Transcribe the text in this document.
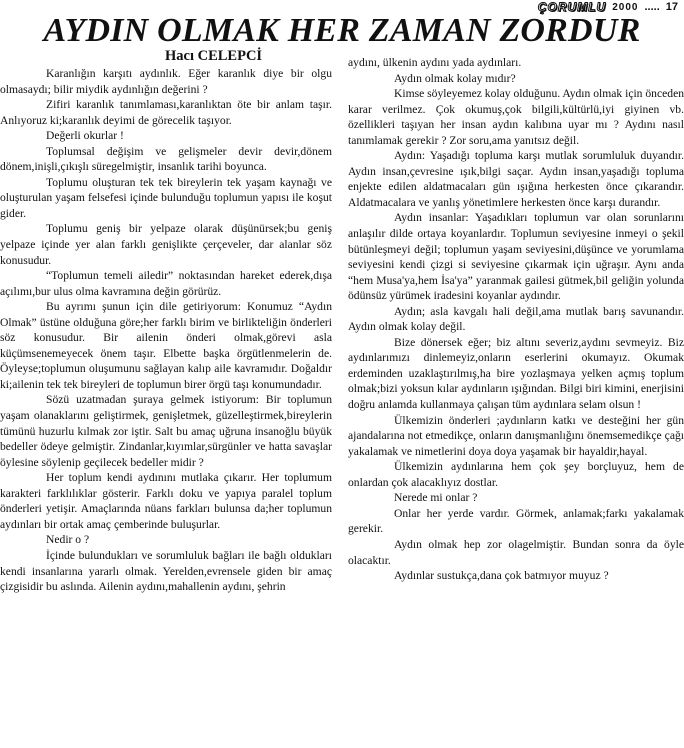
ÇORUMLU 2000 ..... 17
AYDIN OLMAK HER ZAMAN ZORDUR
Hacı CELEPCİ

Karanlığın karşıtı aydınlık. Eğer karanlık diye bir olgu olmasaydı; bilir miydik aydınlığın değerini ?

Zifiri karanlık tanımlaması,karanlıktan öte bir anlam taşır. Anlıyoruz ki;karanlık deyimi de görecelik taşıyor.

Değerli okurlar !

Toplumsal değişim ve gelişmeler devir devir,dönem dönem,inişli,çıkışlı süregelmiştir, insanlık tarihi boyunca.

Toplumu oluşturan tek tek bireylerin tek yaşam kaynağı ve oluşturulan yaşam felsefesi içinde bulunduğu toplumun yapısı ile koşut gider.

Toplumu geniş bir yelpaze olarak düşünürsek;bu geniş yelpaze içinde yer alan farklı genişlikte çerçeveler, dar alanlar söz konusudur.

“Toplumun temeli ailedir” noktasından hareket ederek,dışa açılımı,bur ulus olma kavramına değin görürüz.

Bu ayrımı şunun için dile getiriyorum: Konumuz “Aydın Olmak” üstüne olduğuna göre;her farklı birim ve birlikteliğin önderleri söz konusudur. Bir ailenin önderi olmak,görevi asla küçümsenemeyecek önem taşır. Elbette başka örgütlenmelerin de. Öyleyse;toplumun oluşumunu sağlayan kalıp aile kavramıdır. Doğaldır ki;ailenin tek tek bireyleri de toplumun birer örgü taşı konumundadır.

Sözü uzatmadan şuraya gelmek istiyorum: Bir toplumun yaşam olanaklarını geliştirmek, genişletmek, güzelleştirmek,bireylerin tümünü huzurlu kılmak zor iştir. Salt bu amaç uğruna insanoğlu büyük bedeller ödeye gelmiştir. Zindanlar,kıyımlar,sürgünler ve hatta savaşlar öylesine söylenip geçilecek bedeller midir ?

Her toplum kendi aydınını mutlaka çıkarır. Her toplumum karakteri farklılıklar gösterir. Farklı doku ve yapıya paralel toplum önderleri yetişir. Amaçlarında nüans farkları bulunsa da;her toplumun aydınları bir ortak amaç çemberinde buluşurlar.

Nedir o ?

İçinde bulundukları ve sorumluluk bağları ile bağlı oldukları kendi insanlarına yararlı olmak. Yerelden,evrensele giden bir amaç çizgisidir bu aslında. Ailenin aydını,mahallenin aydını, şehrin

aydını, ülkenin aydını yada aydınları.

Aydın olmak kolay mıdır?

Kimse söyleyemez kolay olduğunu. Aydın olmak için önceden karar verilmez. Çok okumuş,çok bilgili,kültürlü,iyi giyinen vb. özellikleri taşıyan her insan aydın kalıbına uyar mı ? Aydını nasıl tanımlamak gerekir ? Zor soru,ama yanıtsız değil.

Aydın: Yaşadığı topluma karşı mutlak sorumluluk duyandır. Aydın insan,çevresine ışık,bilgi saçar. Aydın insan,yaşadığı topluma enjekte edilen aldatmacaları gün ışığına herkesten önce çıkarandır. Aldatmacalara ve yanlış yönetimlere herkesten önce karşı durandır.

Aydın insanlar: Yaşadıkları toplumun var olan sorunlarını anlaşılır dilde ortaya koyanlardır. Toplumun seviyesine inmeyi o şekil bütünleşmeyi değil; toplumun yaşam seviyesini,düşünce ve yorumlama seviyesini kendi çizgi si seviyesine çıkarmak için uğraşır. Aynı anda “hem Musa'ya,hem İsa'ya” yaranmak gailesi gütmek,bil geliğin yolunda ödünsüz yürümek iradesini koyanlar aydındır.

Aydın; asla kavgalı hali değil,ama mutlak barış savunandır. Aydın olmak kolay değil.

Bize dönersek eğer; biz altını severiz,aydını sevmeyiz. Biz aydınlarımızı dinlemeyiz,onların eserlerini okumayız. Okumak erdeminden uzaklaştırılmış,ha bire yozlaşmaya yelken açmış toplum olmak;bizi yoksun kılar aydınların ışığından. Bilgi biri kimini, enerjisini doğru anlamda kullanmaya çalışan tüm aydınlara selam olsun !

Ülkemizin önderleri ;aydınların katkı ve desteğini her gün ajandalarına not etmedikçe, onların danışmanlığını önemsemedikçe çağı yakalamak ve nimetlerini doya doya yaşamak bir hayaldir,hayal.

Ülkemizin aydınlarına hem çok şey borçluyuz, hem de onlardan çok alacaklıyız dostlar.

Nerede mi onlar ?

Onlar her yerde vardır. Görmek, anlamak;farkı yakalamak gerekir.

Aydın olmak hep zor olagelmiştir. Bundan sonra da öyle olacaktır.

Aydınlar sustukça,dana çok batmıyor muyuz ?
